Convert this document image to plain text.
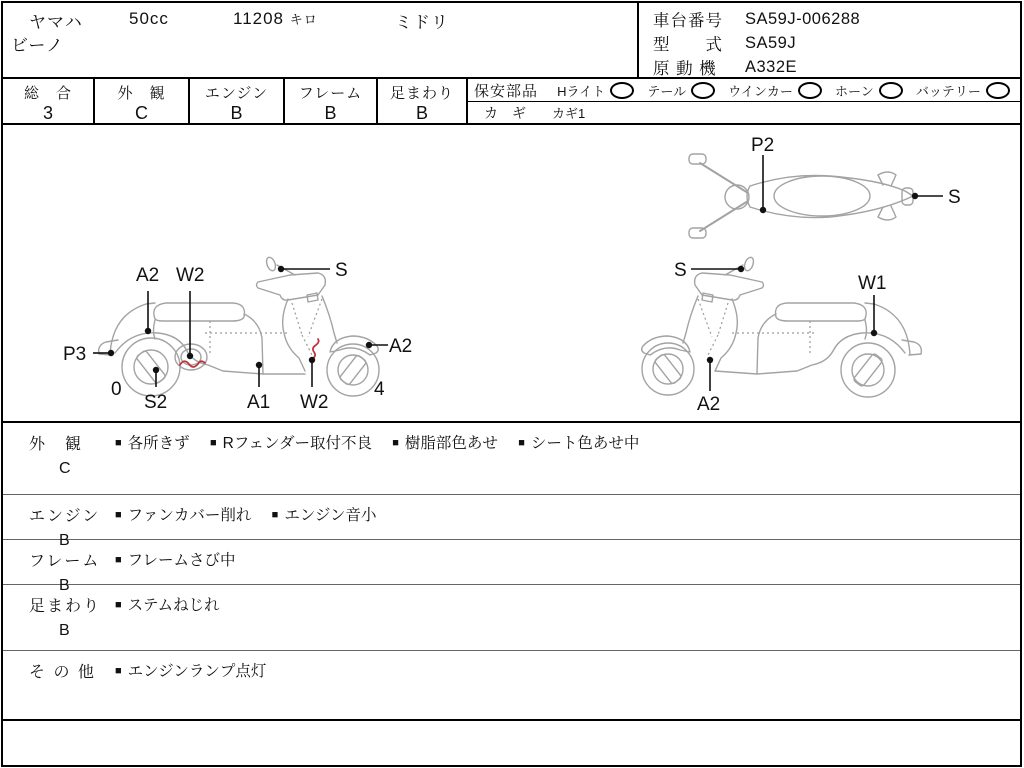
ヤマハ
ビーノ
50cc	11208 キロ	ミドリ	車台番号	SA59J-006288
型　　式	SA59J
原 動 機	A332E
総　合
3
外　観
C
エンジン
B
フレーム
B
足まわり
B
保安部品 Hライト	テール	ウインカー	ホーン	バッテリー
カ　ギ カギ1
P2
S
A2 W2	S
P3
0
S2	A1 W2
A2
4
S
W1
A2
外　観
C
■ 各所きず ■ Rフェンダー取付不良 ■ 樹脂部色あせ ■ シート色あせ中
エンジン
B
■ ファンカバー削れ ■ エンジン音小
フレーム
B
■ フレームさび中
足まわり
B
■ ステムねじれ
そ の 他	■ エンジンランプ点灯
